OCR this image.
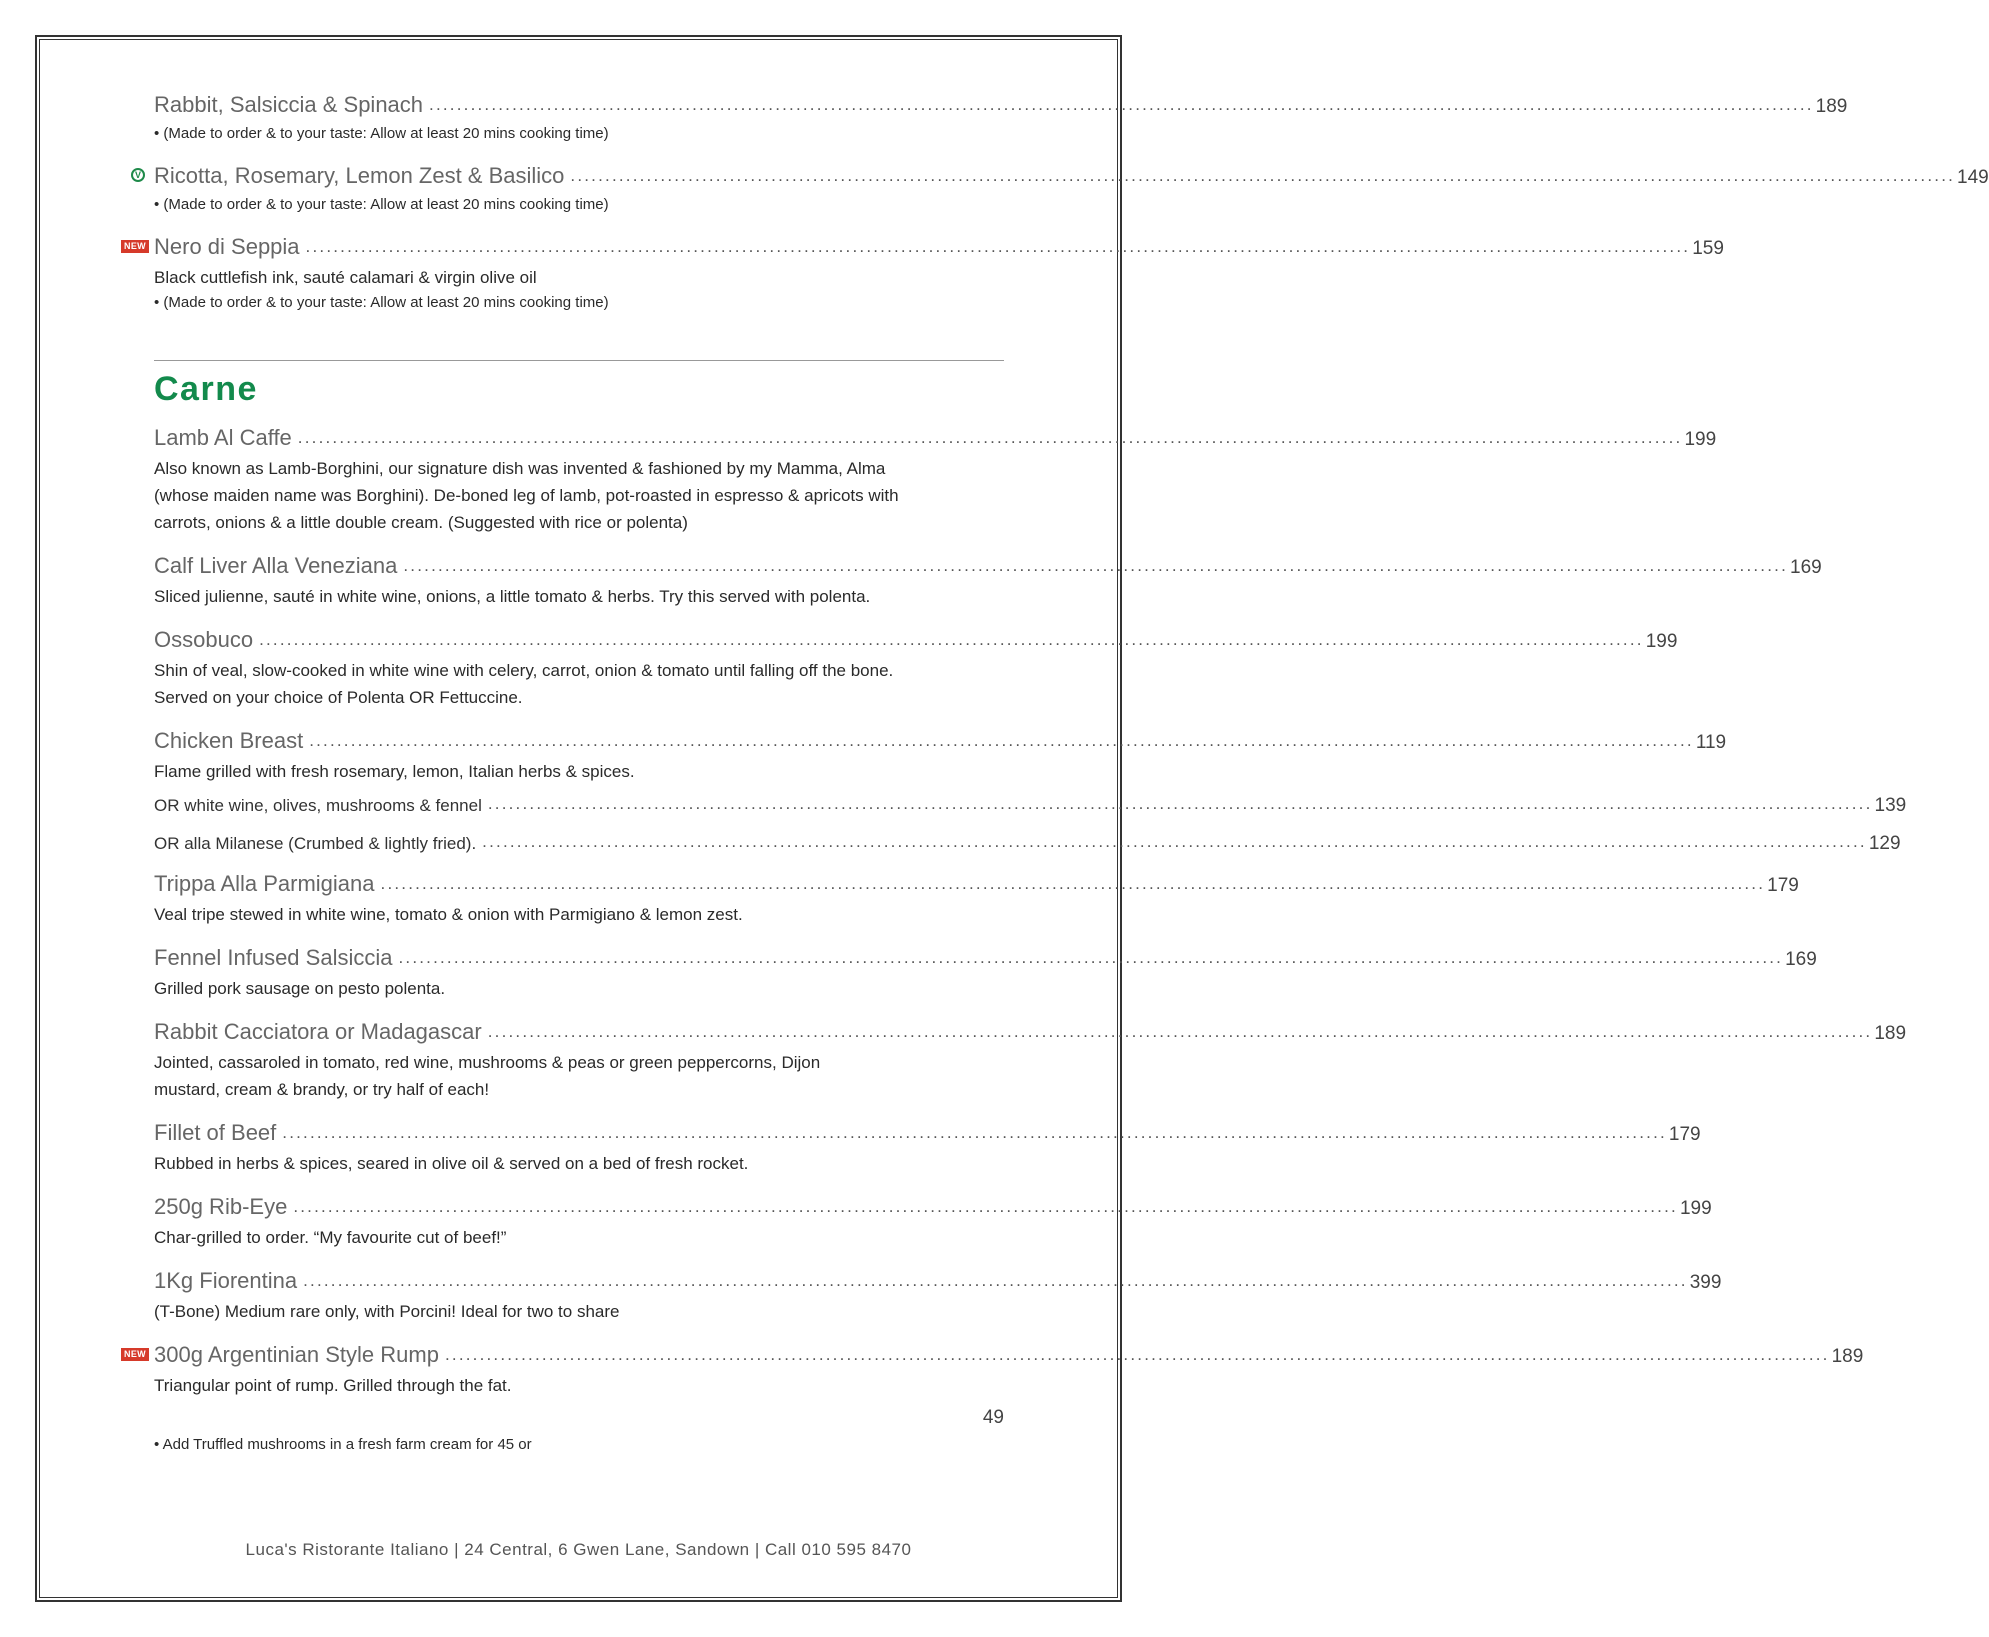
Rabbit, Salsiccia & Spinach ........................................................................................................................................................................................................ 189
• (Made to order & to your taste: Allow at least 20 mins cooking time)
V Ricotta, Rosemary, Lemon Zest & Basilico ........................................................................................................................................................................................................ 149
• (Made to order & to your taste: Allow at least 20 mins cooking time)
NEW Nero di Seppia ........................................................................................................................................................................................................ 159
Black cuttlefish ink, sauté calamari & virgin olive oil
• (Made to order & to your taste: Allow at least 20 mins cooking time)
Carne
Lamb Al Caffe ........................................................................................................................................................................................................ 199
Also known as Lamb-Borghini, our signature dish was invented & fashioned by my Mamma, Alma (whose maiden name was Borghini). De-boned leg of lamb, pot-roasted in espresso & apricots with carrots, onions & a little double cream. (Suggested with rice or polenta)
Calf Liver Alla Veneziana ........................................................................................................................................................................................................ 169
Sliced julienne, sauté in white wine, onions, a little tomato & herbs. Try this served with polenta.
Ossobuco ........................................................................................................................................................................................................ 199
Shin of veal, slow-cooked in white wine with celery, carrot, onion & tomato until falling off the bone. Served on your choice of Polenta OR Fettuccine.
Chicken Breast ........................................................................................................................................................................................................ 119
Flame grilled with fresh rosemary, lemon, Italian herbs & spices.
OR white wine, olives, mushrooms & fennel ........................................................................................................................................................................................................ 139
OR alla Milanese (Crumbed & lightly fried). ........................................................................................................................................................................................................ 129
Trippa Alla Parmigiana ........................................................................................................................................................................................................ 179
Veal tripe stewed in white wine, tomato & onion with Parmigiano & lemon zest.
Fennel Infused Salsiccia ........................................................................................................................................................................................................ 169
Grilled pork sausage on pesto polenta.
Rabbit Cacciatora or Madagascar ........................................................................................................................................................................................................ 189
Jointed, cassaroled in tomato, red wine, mushrooms & peas or green peppercorns, Dijon mustard, cream & brandy, or try half of each!
Fillet of Beef ........................................................................................................................................................................................................ 179
Rubbed in herbs & spices, seared in olive oil & served on a bed of fresh rocket.
250g Rib-Eye ........................................................................................................................................................................................................ 199
Char-grilled to order. “My favourite cut of beef!”
1Kg Fiorentina ........................................................................................................................................................................................................ 399
(T-Bone) Medium rare only, with Porcini! Ideal for two to share
NEW 300g Argentinian Style Rump ........................................................................................................................................................................................................ 189
Triangular point of rump. Grilled through the fat.
49
• Add Truffled mushrooms in a fresh farm cream for 45 or
Luca's Ristorante Italiano | 24 Central, 6 Gwen Lane, Sandown | Call 010 595 8470
